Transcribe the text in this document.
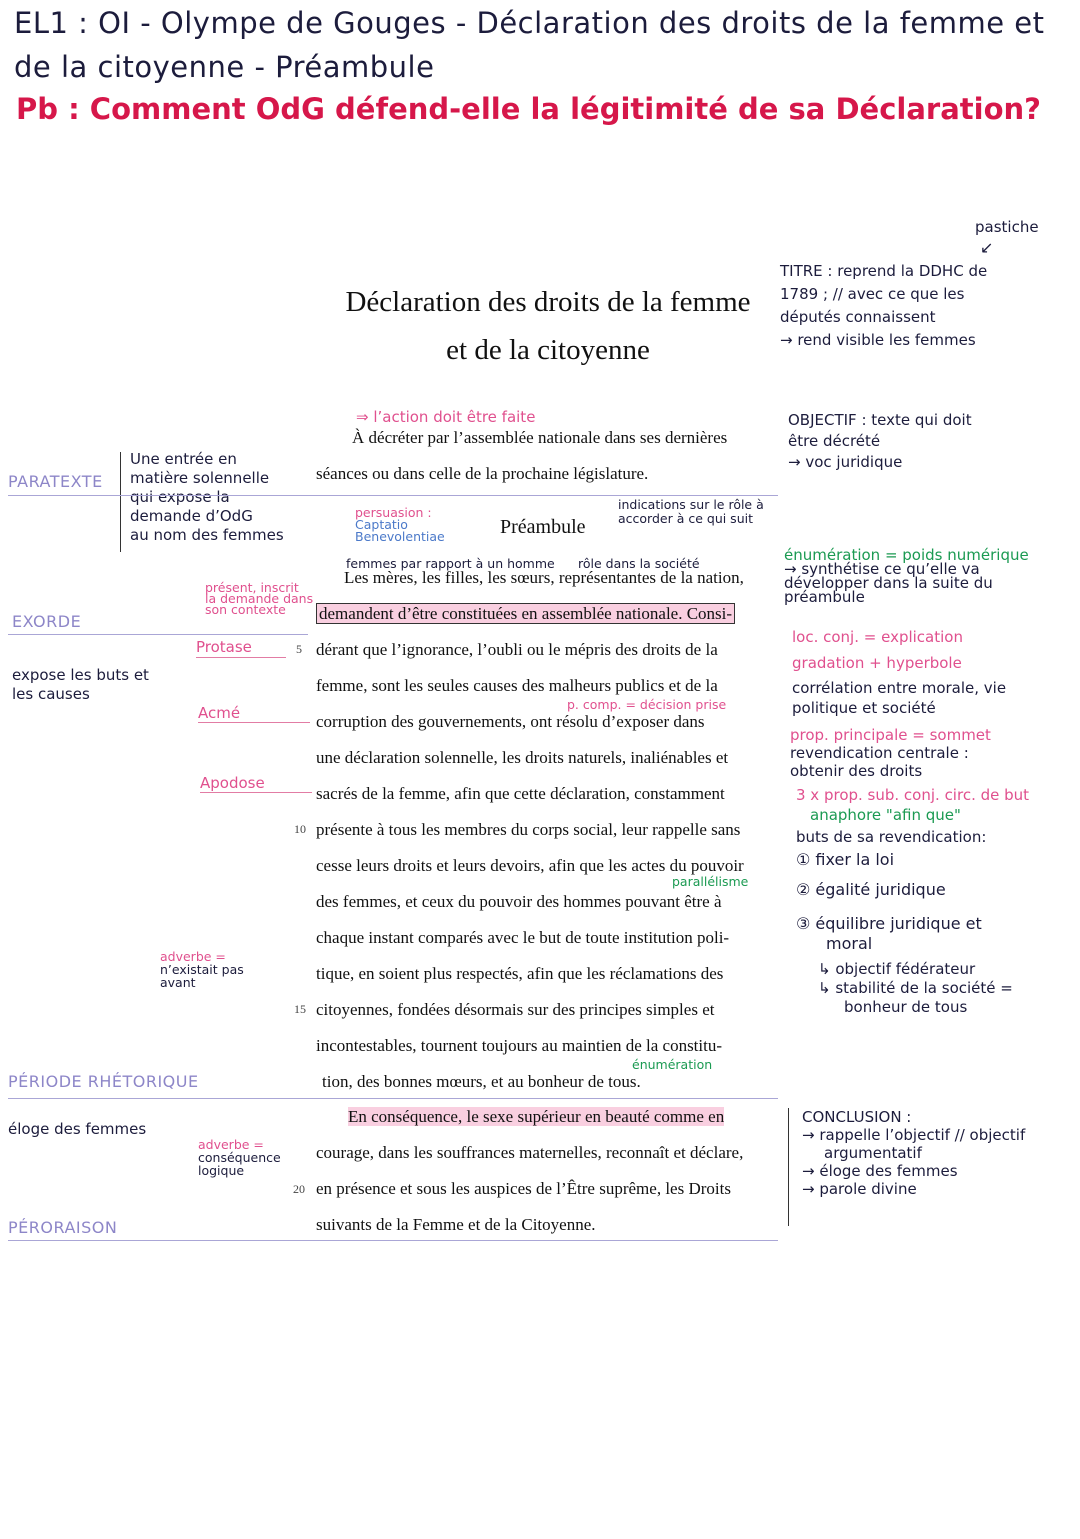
EL1 : OI - Olympe de Gouges - Déclaration des droits de la femme et
de la citoyenne - Préambule
Pb : Comment OdG défend-elle la légitimité de sa Déclaration?
Déclaration des droits de la femme
et de la citoyenne
pastiche
↙
TITRE : reprend la DDHC de
1789 ; // avec ce que les
députés connaissent
→ rend visible les femmes
⇒ l’action doit être faite
À décréter par l’assemblée nationale dans ses dernières
séances ou dans celle de la prochaine législature.
OBJECTIF : texte qui doit
être décrété
→ voc juridique
PARATEXTE
Une entrée en
matière solennelle
qui expose la
demande d’OdG
au nom des femmes
persuasion :
Captatio
Benevolentiae	Préambule
indications sur le rôle à
accorder à ce qui suit
femmes par rapport à un homme rôle dans la société
Les mères, les filles, les sœurs, représentantes de la nation,
demandent d’être constituées en assemblée nationale. Consi-
dérant que l’ignorance, l’oubli ou le mépris des droits de la
femme, sont les seules causes des malheurs publics et de la
p. comp. = décision prise
corruption des gouvernements, ont résolu d’exposer dans
une déclaration solennelle, les droits naturels, inaliénables et
sacrés de la femme, afin que cette déclaration, constamment
présente à tous les membres du corps social, leur rappelle sans
cesse leurs droits et leurs devoirs, afin que les actes du pouvoir
parallélisme
des femmes, et ceux du pouvoir des hommes pouvant être à
chaque instant comparés avec le but de toute institution poli-
tique, en soient plus respectés, afin que les réclamations des
citoyennes, fondées désormais sur des principes simples et
incontestables, tournent toujours au maintien de la constitu-
énumération
tion, des bonnes mœurs, et au bonheur de tous.
En conséquence, le sexe supérieur en beauté comme en
courage, dans les souffrances maternelles, reconnaît et déclare,
en présence et sous les auspices de l’Être suprême, les Droits
suivants de la Femme et de la Citoyenne.
5
10
15
20
présent, inscrit
la demande dans
son contexte
EXORDE
Protase
expose les buts et
les causes
Acmé
Apodose
adverbe =
n’existait pas
avant
PÉRIODE RHÉTORIQUE
éloge des femmes
adverbe =
conséquence
logique
PÉRORAISON
énumération = poids numérique
→ synthétise ce qu’elle va
développer dans la suite du
préambule
loc. conj. = explication
gradation + hyperbole
corrélation entre morale, vie
politique et société
prop. principale = sommet
revendication centrale :
obtenir des droits
3 x prop. sub. conj. circ. de but
anaphore "afin que"
buts de sa revendication:
① fixer la loi
② égalité juridique
③ équilibre juridique et
moral
↳ objectif fédérateur
↳ stabilité de la société =
bonheur de tous
CONCLUSION :
→ rappelle l’objectif // objectif
argumentatif
→ éloge des femmes
→ parole divine
